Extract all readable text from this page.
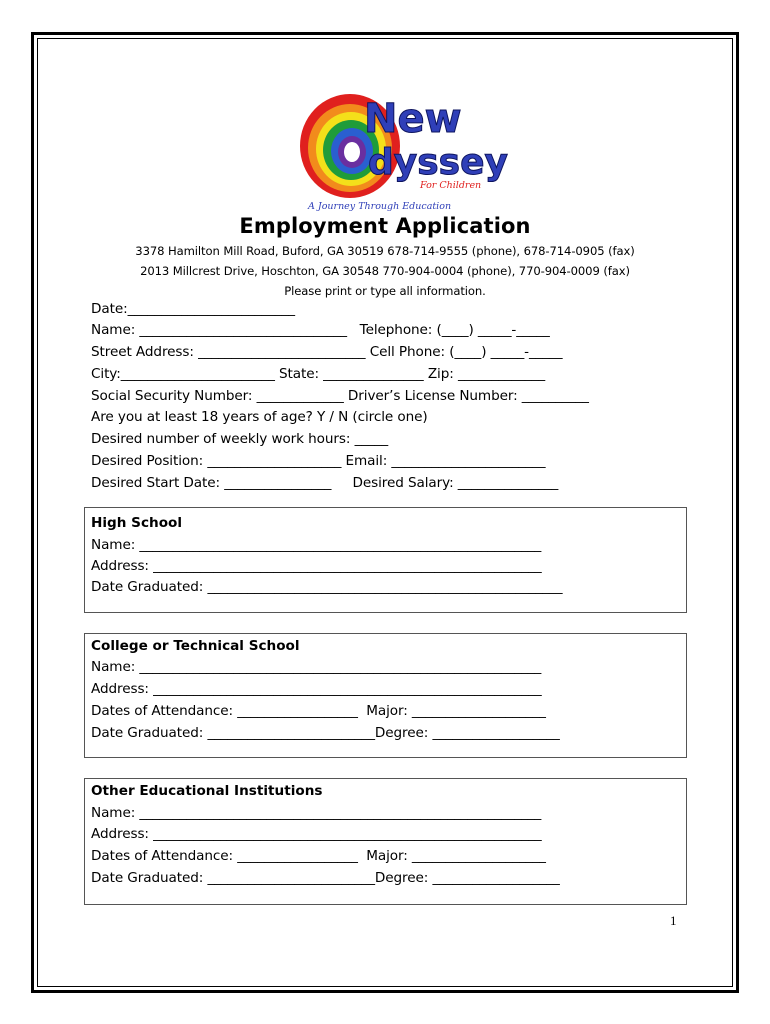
New
dyssey
For Children
A Journey Through Education
Employment Application
3378 Hamilton Mill Road, Buford, GA 30519 678-714-9555 (phone), 678-714-0905 (fax)
2013 Millcrest Drive, Hoschton, GA 30548 770-904-0004 (phone), 770-904-0009 (fax)
Please print or type all information.
Date:_________________________
Name: _______________________________   Telephone: (____) _____-_____
Street Address: _________________________ Cell Phone: (____) _____-_____
City:_______________________ State: _______________ Zip: _____________
Social Security Number: _____________ Driver’s License Number: __________
Are you at least 18 years of age? Y / N (circle one)
Desired number of weekly work hours: _____
Desired Position: ____________________ Email: _______________________
Desired Start Date: ________________     Desired Salary: _______________
High School
Name: ____________________________________________________________
Address: __________________________________________________________
Date Graduated: _____________________________________________________
College or Technical School
Name: ____________________________________________________________
Address: __________________________________________________________
Dates of Attendance: __________________  Major: ____________________
Date Graduated: _________________________Degree: ___________________
Other Educational Institutions
Name: ____________________________________________________________
Address: __________________________________________________________
Dates of Attendance: __________________  Major: ____________________
Date Graduated: _________________________Degree: ___________________
1
